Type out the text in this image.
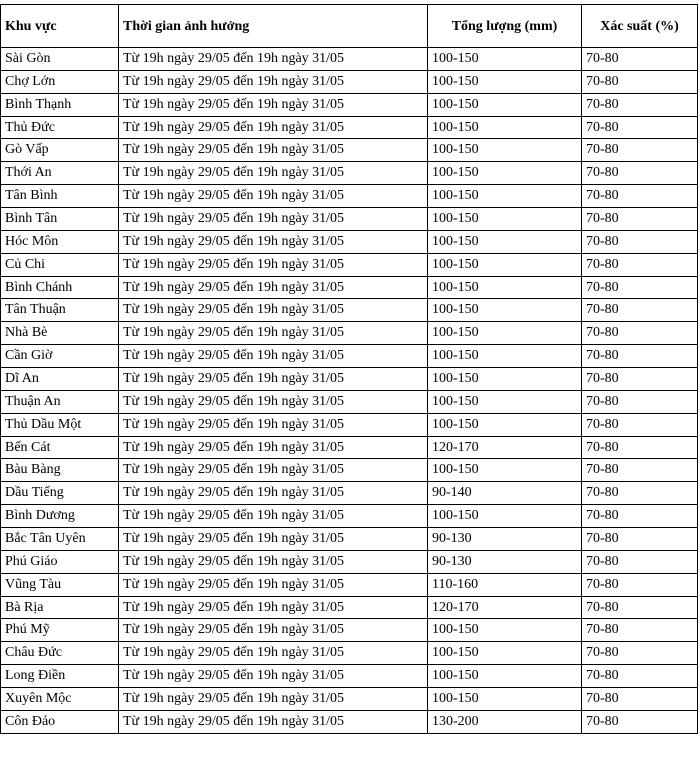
Khu vực	Thời gian ảnh hưởng	Tổng lượng (mm)	Xác suất (%)
Sài Gòn	Từ 19h ngày 29/05 đến 19h ngày 31/05	100-150	70-80
Chợ Lớn	Từ 19h ngày 29/05 đến 19h ngày 31/05	100-150	70-80
Bình Thạnh	Từ 19h ngày 29/05 đến 19h ngày 31/05	100-150	70-80
Thủ Đức	Từ 19h ngày 29/05 đến 19h ngày 31/05	100-150	70-80
Gò Vấp	Từ 19h ngày 29/05 đến 19h ngày 31/05	100-150	70-80
Thới An	Từ 19h ngày 29/05 đến 19h ngày 31/05	100-150	70-80
Tân Bình	Từ 19h ngày 29/05 đến 19h ngày 31/05	100-150	70-80
Bình Tân	Từ 19h ngày 29/05 đến 19h ngày 31/05	100-150	70-80
Hóc Môn	Từ 19h ngày 29/05 đến 19h ngày 31/05	100-150	70-80
Củ Chi	Từ 19h ngày 29/05 đến 19h ngày 31/05	100-150	70-80
Bình Chánh	Từ 19h ngày 29/05 đến 19h ngày 31/05	100-150	70-80
Tân Thuận	Từ 19h ngày 29/05 đến 19h ngày 31/05	100-150	70-80
Nhà Bè	Từ 19h ngày 29/05 đến 19h ngày 31/05	100-150	70-80
Cần Giờ	Từ 19h ngày 29/05 đến 19h ngày 31/05	100-150	70-80
Dĩ An	Từ 19h ngày 29/05 đến 19h ngày 31/05	100-150	70-80
Thuận An	Từ 19h ngày 29/05 đến 19h ngày 31/05	100-150	70-80
Thủ Dầu Một	Từ 19h ngày 29/05 đến 19h ngày 31/05	100-150	70-80
Bến Cát	Từ 19h ngày 29/05 đến 19h ngày 31/05	120-170	70-80
Bàu Bàng	Từ 19h ngày 29/05 đến 19h ngày 31/05	100-150	70-80
Dầu Tiếng	Từ 19h ngày 29/05 đến 19h ngày 31/05	90-140	70-80
Bình Dương	Từ 19h ngày 29/05 đến 19h ngày 31/05	100-150	70-80
Bắc Tân Uyên	Từ 19h ngày 29/05 đến 19h ngày 31/05	90-130	70-80
Phú Giáo	Từ 19h ngày 29/05 đến 19h ngày 31/05	90-130	70-80
Vũng Tàu	Từ 19h ngày 29/05 đến 19h ngày 31/05	110-160	70-80
Bà Rịa	Từ 19h ngày 29/05 đến 19h ngày 31/05	120-170	70-80
Phú Mỹ	Từ 19h ngày 29/05 đến 19h ngày 31/05	100-150	70-80
Châu Đức	Từ 19h ngày 29/05 đến 19h ngày 31/05	100-150	70-80
Long Điền	Từ 19h ngày 29/05 đến 19h ngày 31/05	100-150	70-80
Xuyên Mộc	Từ 19h ngày 29/05 đến 19h ngày 31/05	100-150	70-80
Côn Đảo	Từ 19h ngày 29/05 đến 19h ngày 31/05	130-200	70-80
